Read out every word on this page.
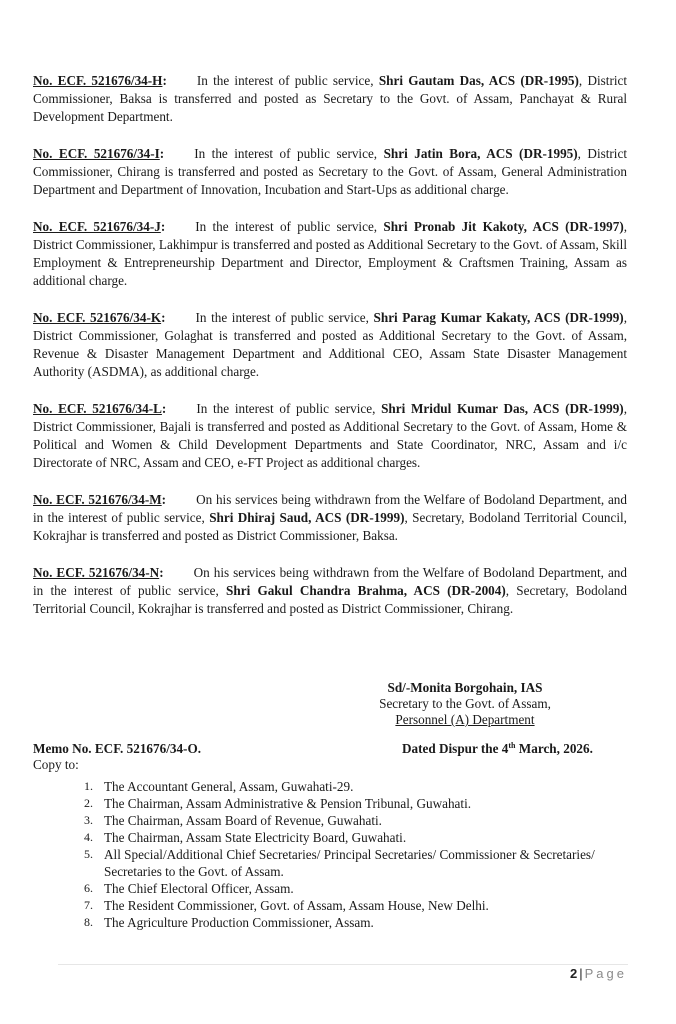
No. ECF. 521676/34-H: In the interest of public service, Shri Gautam Das, ACS (DR-1995), District Commissioner, Baksa is transferred and posted as Secretary to the Govt. of Assam, Panchayat & Rural Development Department.

No. ECF. 521676/34-I: In the interest of public service, Shri Jatin Bora, ACS (DR-1995), District Commissioner, Chirang is transferred and posted as Secretary to the Govt. of Assam, General Administration Department and Department of Innovation, Incubation and Start-Ups as additional charge.

No. ECF. 521676/34-J: In the interest of public service, Shri Pronab Jit Kakoty, ACS (DR-1997), District Commissioner, Lakhimpur is transferred and posted as Additional Secretary to the Govt. of Assam, Skill Employment & Entrepreneurship Department and Director, Employment & Craftsmen Training, Assam as additional charge.

No. ECF. 521676/34-K: In the interest of public service, Shri Parag Kumar Kakaty, ACS (DR-1999), District Commissioner, Golaghat is transferred and posted as Additional Secretary to the Govt. of Assam, Revenue & Disaster Management Department and Additional CEO, Assam State Disaster Management Authority (ASDMA), as additional charge.

No. ECF. 521676/34-L: In the interest of public service, Shri Mridul Kumar Das, ACS (DR-1999), District Commissioner, Bajali is transferred and posted as Additional Secretary to the Govt. of Assam, Home & Political and Women & Child Development Departments and State Coordinator, NRC, Assam and i/c Directorate of NRC, Assam and CEO, e-FT Project as additional charges.

No. ECF. 521676/34-M: On his services being withdrawn from the Welfare of Bodoland Department, and in the interest of public service, Shri Dhiraj Saud, ACS (DR-1999), Secretary, Bodoland Territorial Council, Kokrajhar is transferred and posted as District Commissioner, Baksa.

No. ECF. 521676/34-N: On his services being withdrawn from the Welfare of Bodoland Department, and in the interest of public service, Shri Gakul Chandra Brahma, ACS (DR-2004), Secretary, Bodoland Territorial Council, Kokrajhar is transferred and posted as District Commissioner, Chirang.

Sd/-Monita Borgohain, IAS
Secretary to the Govt. of Assam,
Personnel (A) Department
Memo No. ECF. 521676/34-O.	Dated Dispur the 4th March, 2026.
Copy to:
1. The Accountant General, Assam, Guwahati-29.
2. The Chairman, Assam Administrative & Pension Tribunal, Guwahati.
3. The Chairman, Assam Board of Revenue, Guwahati.
4. The Chairman, Assam State Electricity Board, Guwahati.
5. All Special/Additional Chief Secretaries/ Principal Secretaries/ Commissioner & Secretaries/ Secretaries to the Govt. of Assam.
6. The Chief Electoral Officer, Assam.
7. The Resident Commissioner, Govt. of Assam, Assam House, New Delhi.
8. The Agriculture Production Commissioner, Assam.
2 | Page
